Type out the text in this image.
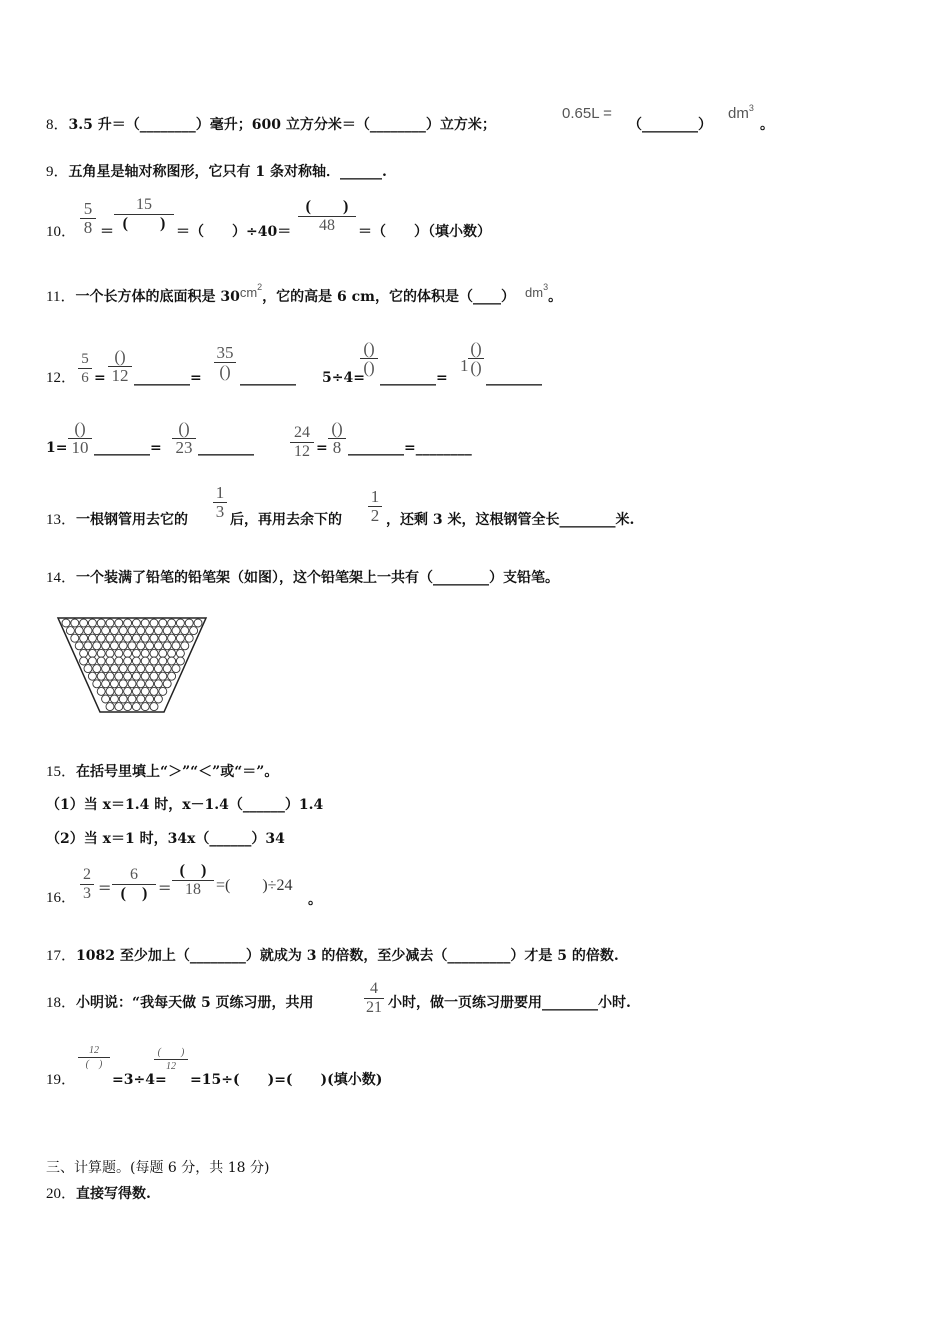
8．3.5 升＝（________）毫升；600 立方分米＝（________）立方米；
0.65L =
（________）
$dm^3$
。
9．五角星是轴对称图形，它只有 1 条对称轴．______.
10．
5
8 ＝
15
(　　) ＝（　　）÷40＝
(　　)
48	＝（　　）（填小数）
11．一个长方体的底面积是 $30cm^2$，它的高是 6 cm，它的体积是（____） $dm^3$。
12．
5
6 =
()
12 ________=
35
() ________ 5÷4=
()
()
________=
1
()
()
________
1=
()
10 ________=
()
23 ________
24
12 =
()
8 ________=________
13．一根钢管用去它的
1
3 后，再用去余下的
1
2 ，还剩 3 米，这根钢管全长________米.
14．一个装满了铅笔的铅笔架（如图），这个铅笔架上一共有（________）支铅笔。
15．在括号里填上“＞”“＜”或“＝”。
（1）当 x＝1.4 时，x－1.4（______）1.4
（2）当 x＝1 时，34x（______）34
16．
2
3 =
6
(　) =
(　)
18 =(　　)÷24
。
17．1082 至少加上（________）就成为 3 的倍数，至少减去（_________）才是 5 的倍数.
18．小明说：“我每天做 5 页练习册，共用
4
21 小时，做一页练习册要用________小时.
19．
12
(　)
=3÷4=
(　　)
12
=15÷(　　)=(　　)(填小数)
三、计算题。(每题 6 分，共 18 分)
20．直接写得数.
